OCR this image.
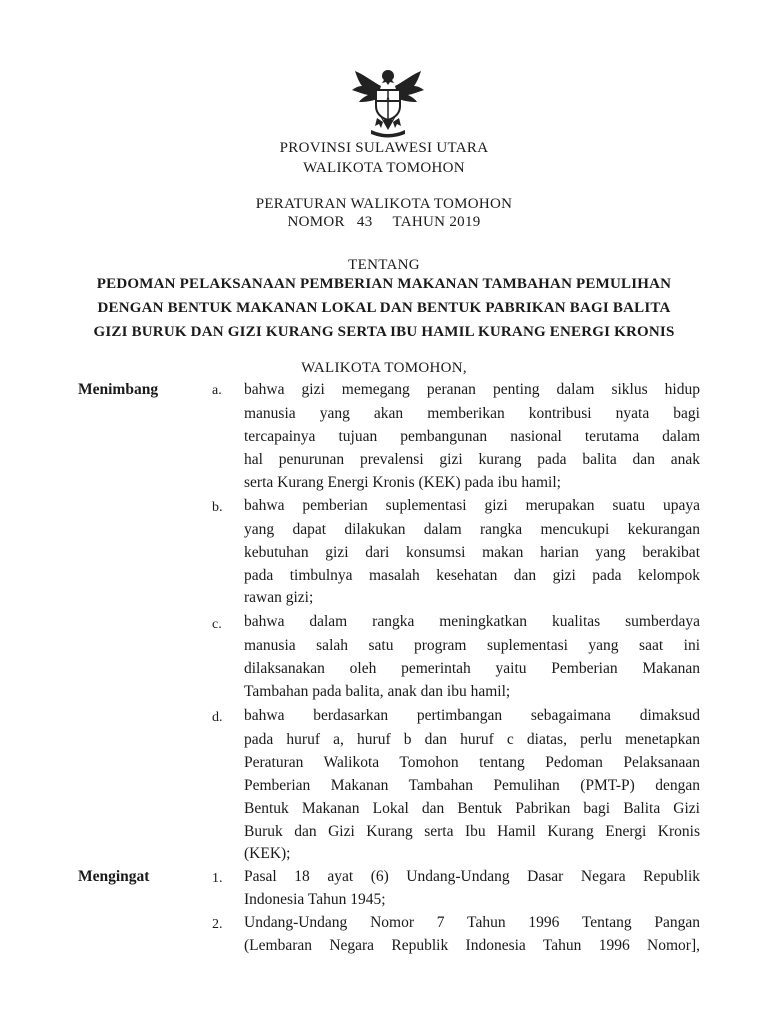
PROVINSI SULAWESI UTARA
WALIKOTA TOMOHON
PERATURAN WALIKOTA TOMOHON
NOMOR   43     TAHUN 2019
TENTANG
PEDOMAN PELAKSANAAN PEMBERIAN MAKANAN TAMBAHAN PEMULIHAN
DENGAN BENTUK MAKANAN LOKAL DAN BENTUK PABRIKAN BAGI BALITA
GIZI BURUK DAN GIZI KURANG SERTA IBU HAMIL KURANG ENERGI KRONIS
WALIKOTA TOMOHON,
Menimbang	a. bahwa gizi memegang peranan penting dalam siklus hidup
manusia yang akan memberikan kontribusi nyata bagi
tercapainya tujuan pembangunan nasional terutama dalam
hal penurunan prevalensi gizi kurang pada balita dan anak
serta Kurang Energi Kronis (KEK) pada ibu hamil;
b. bahwa pemberian suplementasi gizi merupakan suatu upaya
yang dapat dilakukan dalam rangka mencukupi kekurangan
kebutuhan gizi dari konsumsi makan harian yang berakibat
pada timbulnya masalah kesehatan dan gizi pada kelompok
rawan gizi;
c. bahwa dalam rangka meningkatkan kualitas sumberdaya
manusia salah satu program suplementasi yang saat ini
dilaksanakan oleh pemerintah yaitu Pemberian Makanan
Tambahan pada balita, anak dan ibu hamil;
d. bahwa berdasarkan pertimbangan sebagaimana dimaksud
pada huruf a, huruf b dan huruf c diatas, perlu menetapkan
Peraturan Walikota Tomohon tentang Pedoman Pelaksanaan
Pemberian Makanan Tambahan Pemulihan (PMT-P) dengan
Bentuk Makanan Lokal dan Bentuk Pabrikan bagi Balita Gizi
Buruk dan Gizi Kurang serta Ibu Hamil Kurang Energi Kronis
(KEK);
Mengingat	1. Pasal 18 ayat (6) Undang-Undang Dasar Negara Republik
Indonesia Tahun 1945;
2. Undang-Undang Nomor 7 Tahun 1996 Tentang Pangan
(Lembaran Negara Republik Indonesia Tahun 1996 Nomor],
